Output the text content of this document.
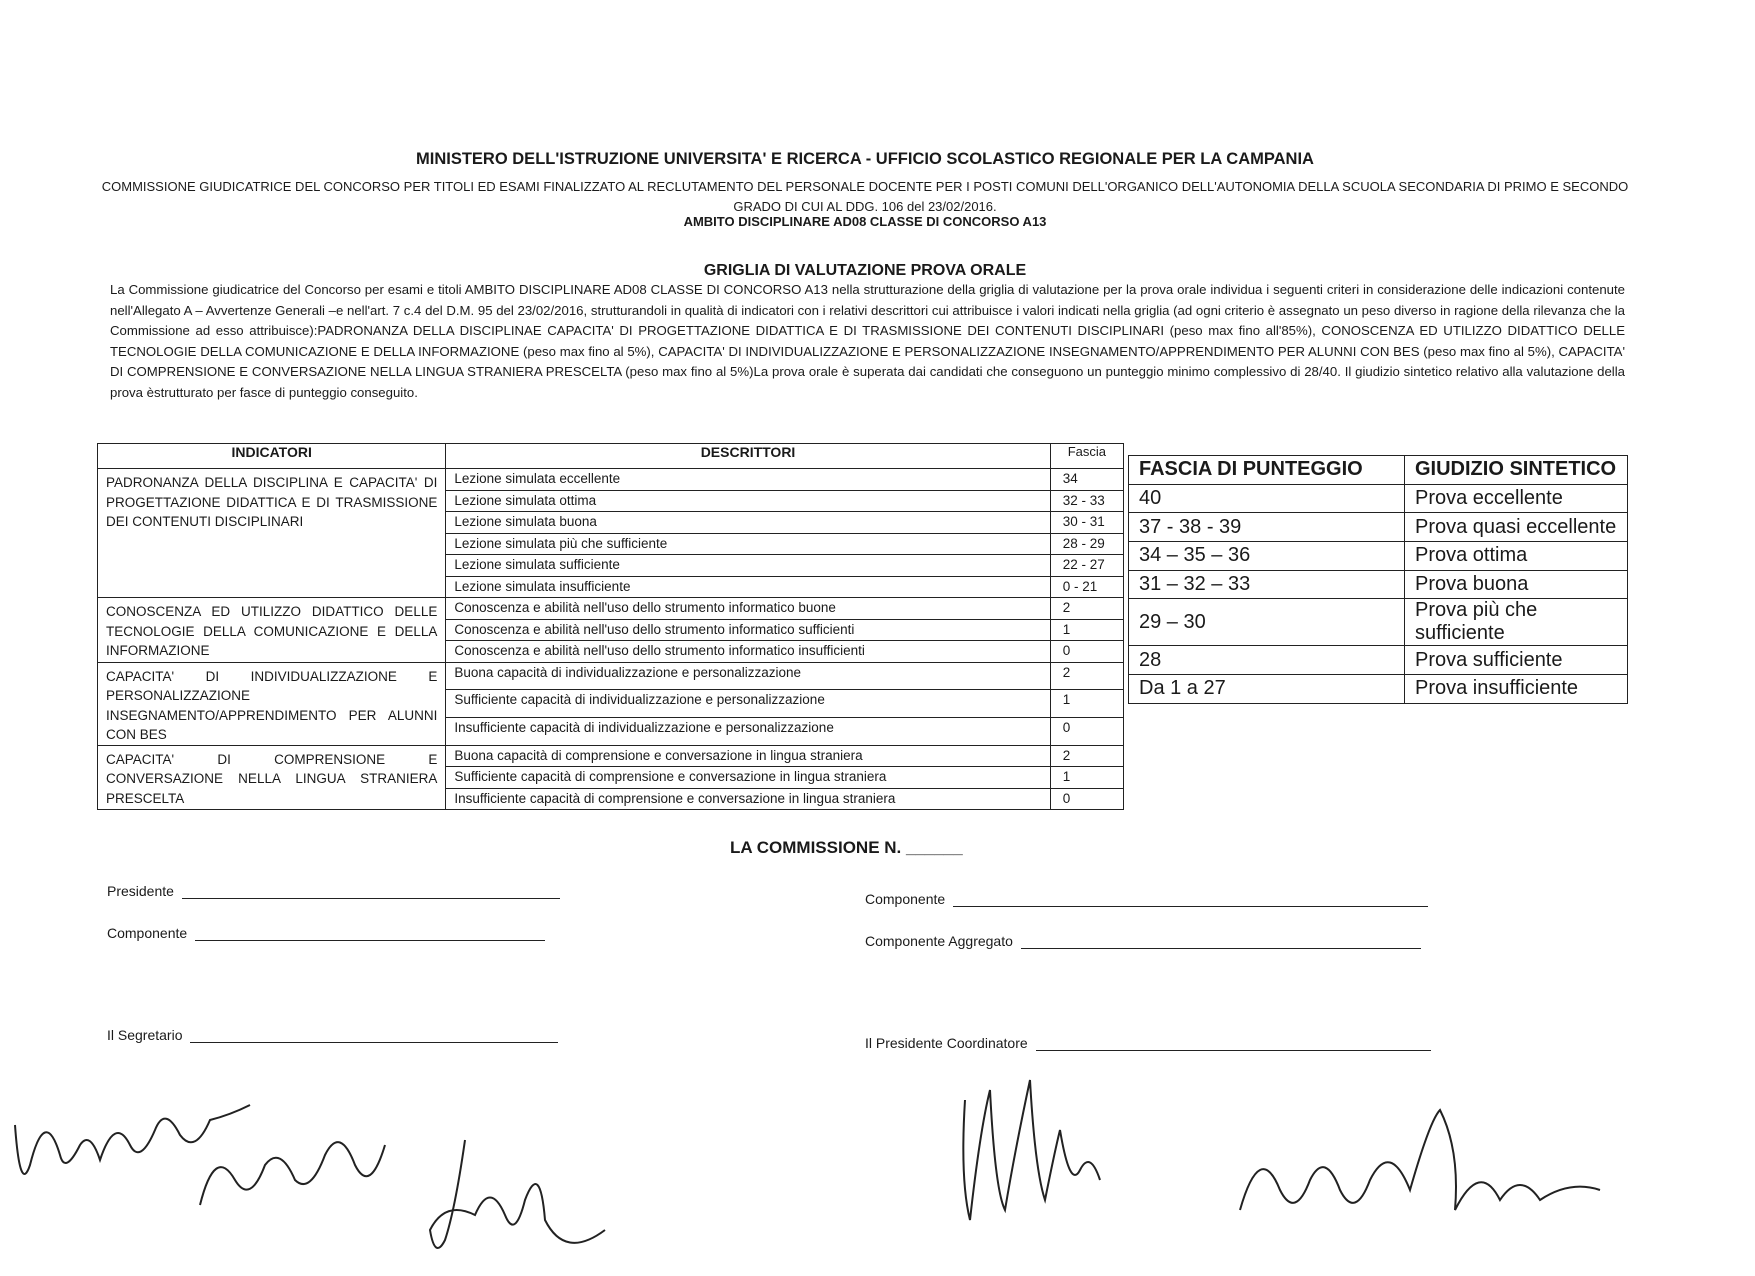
MINISTERO DELL'ISTRUZIONE UNIVERSITA' E RICERCA - UFFICIO SCOLASTICO REGIONALE PER LA CAMPANIA
COMMISSIONE GIUDICATRICE DEL CONCORSO PER TITOLI ED ESAMI FINALIZZATO AL RECLUTAMENTO DEL PERSONALE DOCENTE PER I POSTI COMUNI DELL'ORGANICO DELL'AUTONOMIA DELLA SCUOLA SECONDARIA DI PRIMO E SECONDO GRADO DI CUI AL DDG. 106 del 23/02/2016.
AMBITO DISCIPLINARE AD08 CLASSE DI CONCORSO A13
GRIGLIA DI VALUTAZIONE PROVA ORALE
La Commissione giudicatrice del Concorso per esami e titoli AMBITO DISCIPLINARE AD08 CLASSE DI CONCORSO A13 nella strutturazione della griglia di valutazione per la prova orale individua i seguenti criteri in considerazione delle indicazioni contenute nell'Allegato A – Avvertenze Generali –e nell'art. 7 c.4 del D.M. 95 del 23/02/2016, strutturandoli in qualità di indicatori con i relativi descrittori cui attribuisce i valori indicati nella griglia (ad ogni criterio è assegnato un peso diverso in ragione della rilevanza che la Commissione ad esso attribuisce):PADRONANZA DELLA DISCIPLINAE CAPACITA' DI PROGETTAZIONE DIDATTICA E DI TRASMISSIONE DEI CONTENUTI DISCIPLINARI (peso max fino all'85%), CONOSCENZA ED UTILIZZO DIDATTICO DELLE TECNOLOGIE DELLA COMUNICAZIONE E DELLA INFORMAZIONE (peso max fino al 5%), CAPACITA' DI INDIVIDUALIZZAZIONE E PERSONALIZZAZIONE INSEGNAMENTO/APPRENDIMENTO PER ALUNNI CON BES (peso max fino al 5%), CAPACITA' DI COMPRENSIONE E CONVERSAZIONE NELLA LINGUA STRANIERA PRESCELTA (peso max fino al 5%)La prova orale è superata dai candidati che conseguono un punteggio minimo complessivo di 28/40. Il giudizio sintetico relativo alla valutazione della prova èstrutturato per fasce di punteggio conseguito.
INDICATORI	DESCRITTORI	Fascia
PADRONANZA DELLA DISCIPLINA E CAPACITA' DI PROGETTAZIONE DIDATTICA E DI TRASMISSIONE DEI CONTENUTI DISCIPLINARI	Lezione simulata eccellente	34
	Lezione simulata ottima	32 - 33
	Lezione simulata buona	30 - 31
	Lezione simulata più che sufficiente	28 - 29
	Lezione simulata sufficiente	22 - 27
	Lezione simulata insufficiente	0 - 21
CONOSCENZA ED UTILIZZO DIDATTICO DELLE TECNOLOGIE DELLA COMUNICAZIONE E DELLA INFORMAZIONE	Conoscenza e abilità nell'uso dello strumento informatico buone	2
	Conoscenza e abilità nell'uso dello strumento informatico sufficienti	1
	Conoscenza e abilità nell'uso dello strumento informatico insufficienti	0
CAPACITA' DI INDIVIDUALIZZAZIONE E PERSONALIZZAZIONE INSEGNAMENTO/APPRENDIMENTO PER ALUNNI CON BES	Buona capacità di individualizzazione e personalizzazione	2
	Sufficiente capacità di individualizzazione e personalizzazione	1
	Insufficiente capacità di individualizzazione e personalizzazione	0
CAPACITA' DI COMPRENSIONE E CONVERSAZIONE NELLA LINGUA STRANIERA PRESCELTA	Buona capacità di comprensione e conversazione in lingua straniera	2
	Sufficiente capacità di comprensione e conversazione in lingua straniera	1
	Insufficiente capacità di comprensione e conversazione in lingua straniera	0
FASCIA DI PUNTEGGIO	GIUDIZIO SINTETICO
40	Prova eccellente
37 - 38 - 39	Prova quasi eccellente
34 – 35 – 36	Prova ottima
31 – 32 – 33	Prova buona
29 – 30	Prova più che sufficiente
28	Prova sufficiente
Da 1 a 27	Prova insufficiente
LA COMMISSIONE N. ______
Presidente
Componente
Il Segretario
Componente
Componente Aggregato
Il Presidente Coordinatore
